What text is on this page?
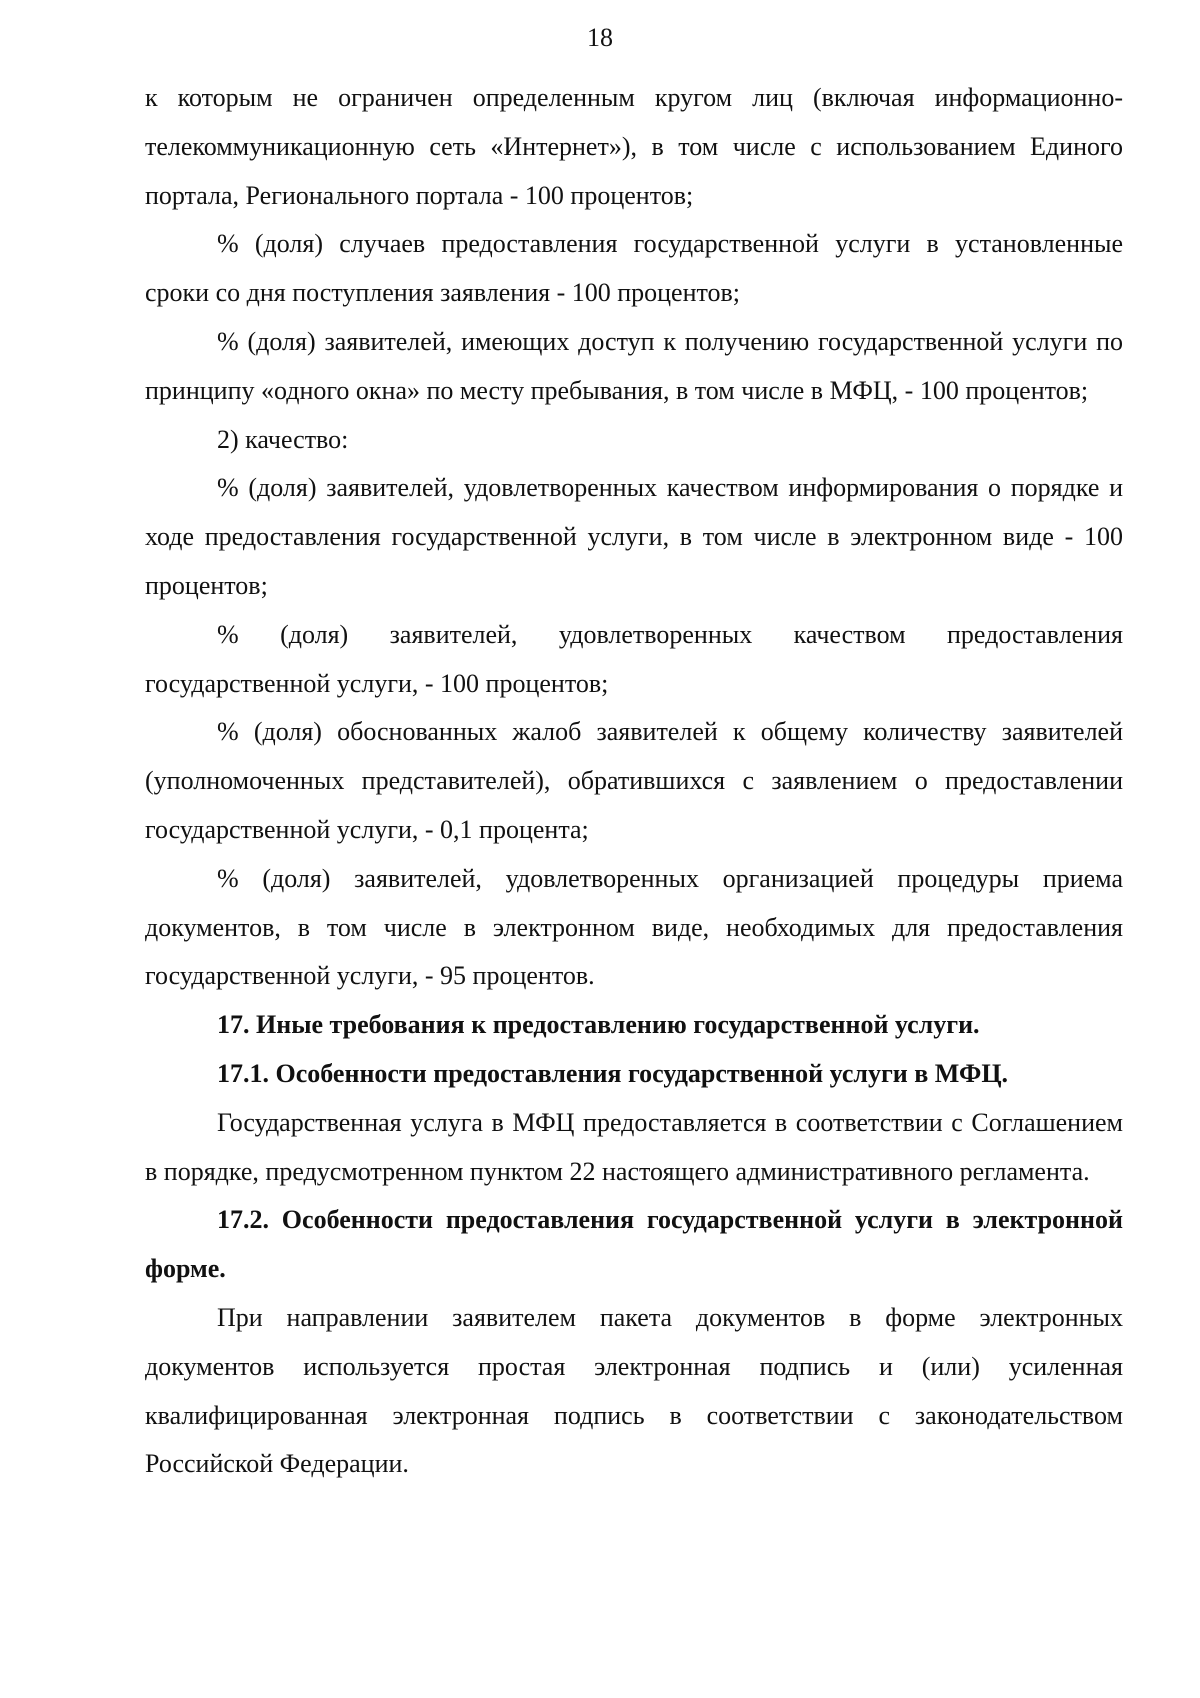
18

к которым не ограничен определенным кругом лиц (включая информационно-телекоммуникационную сеть «Интернет»), в том числе с использованием Единого портала, Регионального портала - 100 процентов;

% (доля) случаев предоставления государственной услуги в установленные сроки со дня поступления заявления - 100 процентов;

% (доля) заявителей, имеющих доступ к получению государственной услуги по принципу «одного окна» по месту пребывания, в том числе в МФЦ, - 100 процентов;

2) качество:

% (доля) заявителей, удовлетворенных качеством информирования о порядке и ходе предоставления государственной услуги, в том числе в электронном виде - 100 процентов;

% (доля) заявителей, удовлетворенных качеством предоставления государственной услуги, - 100 процентов;

% (доля) обоснованных жалоб заявителей к общему количеству заявителей (уполномоченных представителей), обратившихся с заявлением о предоставлении государственной услуги, - 0,1 процента;

% (доля) заявителей, удовлетворенных организацией процедуры приема документов, в том числе в электронном виде, необходимых для предоставления государственной услуги, - 95 процентов.

17. Иные требования к предоставлению государственной услуги.

17.1. Особенности предоставления государственной услуги в МФЦ.

Государственная услуга в МФЦ предоставляется в соответствии с Соглашением в порядке, предусмотренном пунктом 22 настоящего административного регламента.

17.2. Особенности предоставления государственной услуги в электронной форме.

При направлении заявителем пакета документов в форме электронных документов используется простая электронная подпись и (или) усиленная квалифицированная электронная подпись в соответствии с законодательством Российской Федерации.
